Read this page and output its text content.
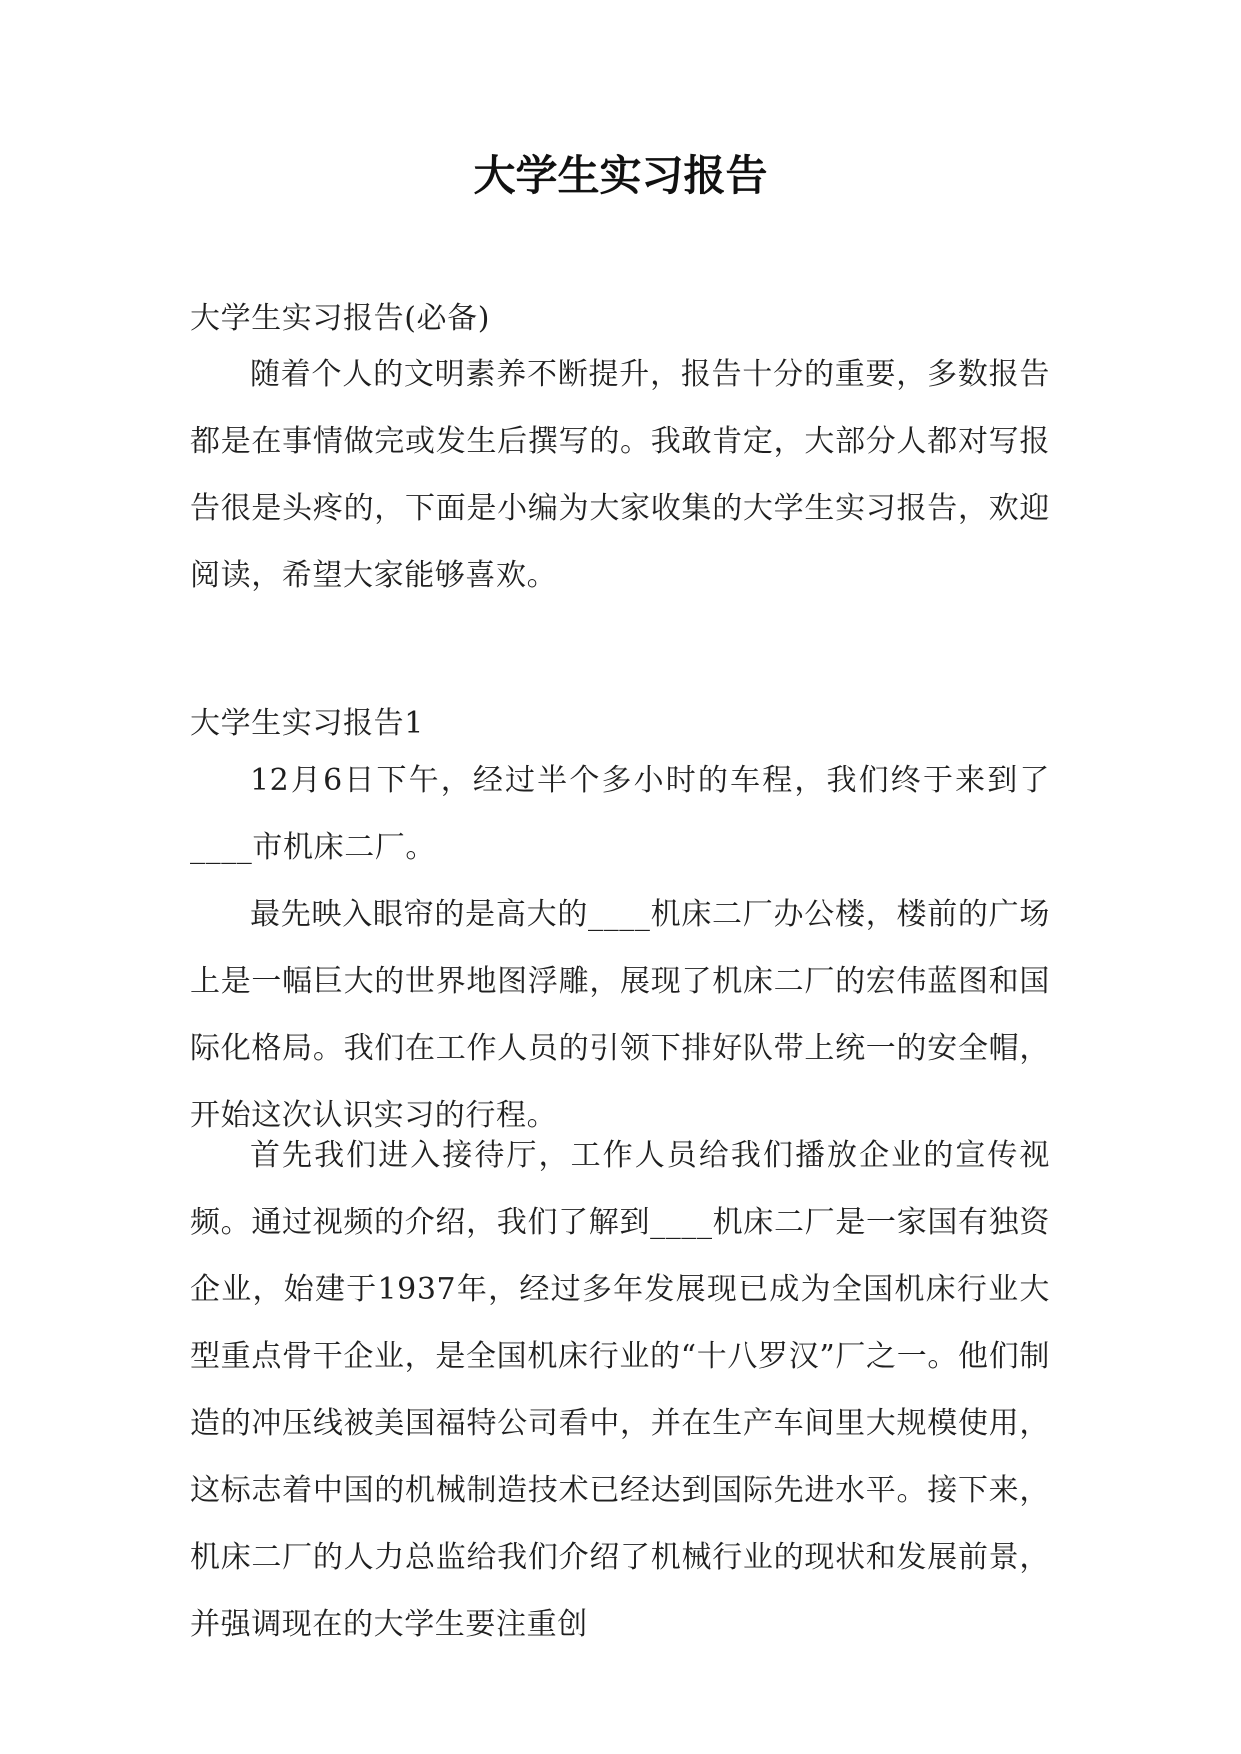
大学生实习报告

大学生实习报告(必备)

随着个人的文明素养不断提升，报告十分的重要，多数报告都是在事情做完或发生后撰写的。我敢肯定，大部分人都对写报告很是头疼的，下面是小编为大家收集的大学生实习报告，欢迎阅读，希望大家能够喜欢。

大学生实习报告1

12月6日下午，经过半个多小时的车程，我们终于来到了____市机床二厂。

最先映入眼帘的是高大的____机床二厂办公楼，楼前的广场上是一幅巨大的世界地图浮雕，展现了机床二厂的宏伟蓝图和国际化格局。我们在工作人员的引领下排好队带上统一的安全帽，开始这次认识实习的行程。

首先我们进入接待厅，工作人员给我们播放企业的宣传视频。通过视频的介绍，我们了解到____机床二厂是一家国有独资企业，始建于1937年，经过多年发展现已成为全国机床行业大型重点骨干企业，是全国机床行业的“十八罗汉”厂之一。他们制造的冲压线被美国福特公司看中，并在生产车间里大规模使用，这标志着中国的机械制造技术已经达到国际先进水平。接下来，机床二厂的人力总监给我们介绍了机械行业的现状和发展前景，并强调现在的大学生要注重创
